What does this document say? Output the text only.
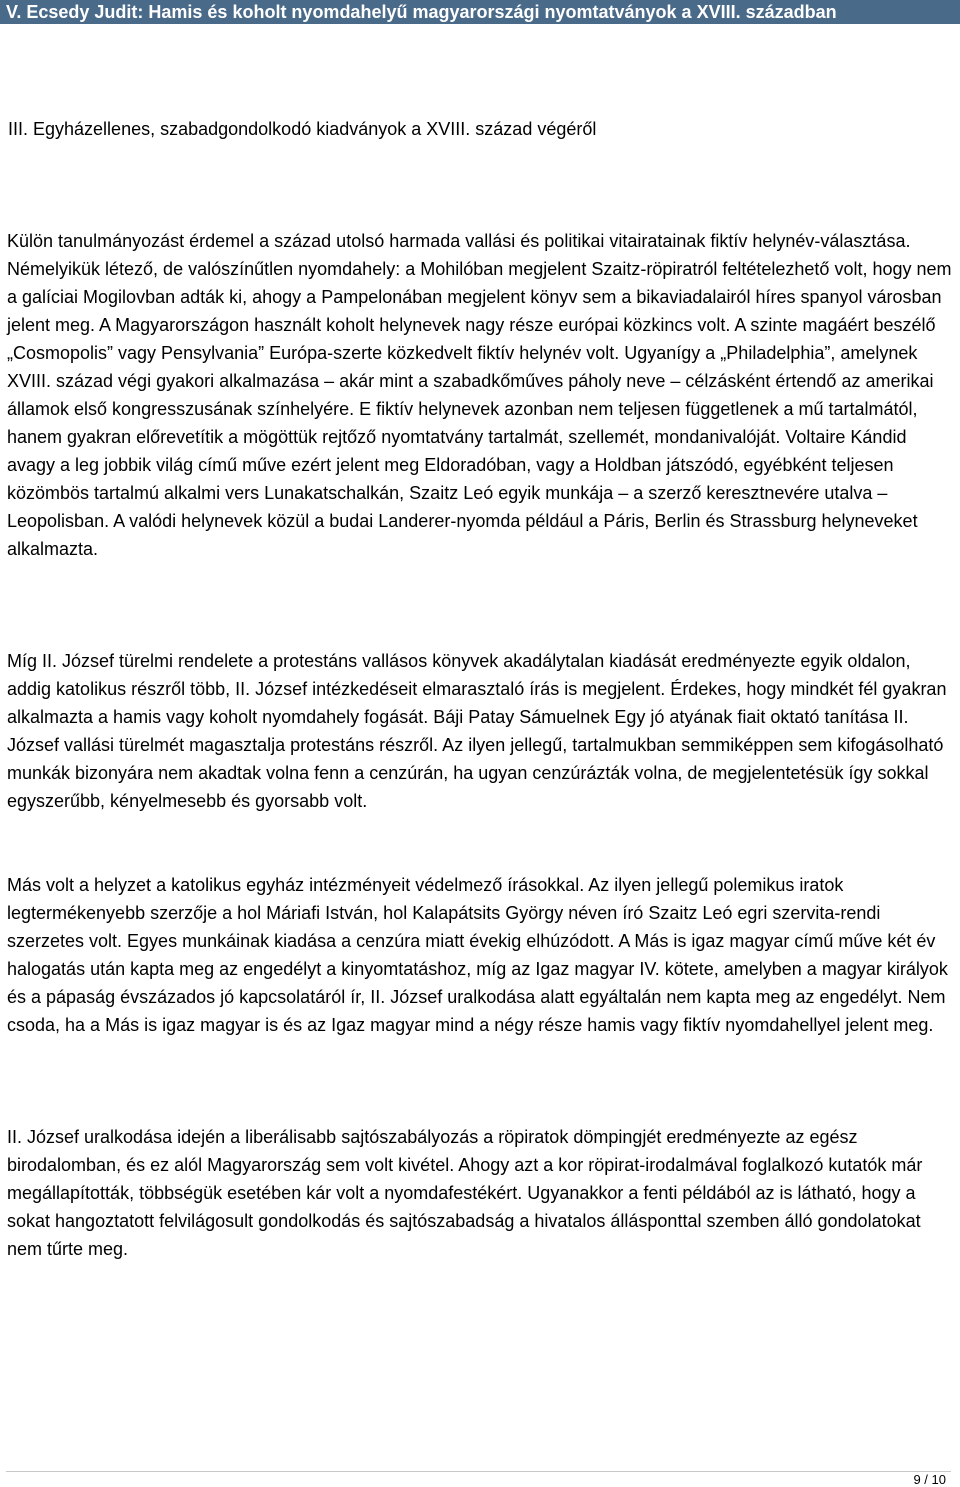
V. Ecsedy Judit: Hamis és koholt nyomdahelyű magyarországi nyomtatványok a XVIII. században
III. Egyházellenes, szabadgondolkodó kiadványok a XVIII. század végéről

Külön tanulmányozást érdemel a század utolsó harmada vallási és politikai vitairatainak fiktív helynév-választása. Némelyikük létező, de valószínűtlen nyomdahely: a Mohilóban megjelent Szaitz-röpiratról feltételezhető volt, hogy nem a galíciai Mogilovban adták ki, ahogy a Pampelonában megjelent könyv sem a bikaviadalairól híres spanyol városban jelent meg. A Magyarországon használt koholt helynevek nagy része európai közkincs volt. A szinte magáért beszélő „Cosmopolis” vagy Pensylvania” Európa-szerte közkedvelt fiktív helynév volt. Ugyanígy a „Philadelphia”, amelynek XVIII. század végi gyakori alkalmazása – akár mint a szabadkőműves páholy neve – célzásként értendő az amerikai államok első kongresszusának színhelyére. E fiktív helynevek azonban nem teljesen függetlenek a mű tartalmától, hanem gyakran előrevetítik a mögöttük rejtőző nyomtatvány tartalmát, szellemét, mondanivalóját. Voltaire Kándid avagy a leg jobbik világ című műve ezért jelent meg Eldoradóban, vagy a Holdban játszódó, egyébként teljesen közömbös tartalmú alkalmi vers Lunakatschalkán, Szaitz Leó egyik munkája – a szerző keresztnevére utalva – Leopolisban. A valódi helynevek közül a budai Landerer-nyomda például a Páris, Berlin és Strassburg helyneveket alkalmazta.

Míg II. József türelmi rendelete a protestáns vallásos könyvek akadálytalan kiadását eredményezte egyik oldalon, addig katolikus részről több, II. József intézkedéseit elmarasztaló írás is megjelent. Érdekes, hogy mindkét fél gyakran alkalmazta a hamis vagy koholt nyomdahely fogását. Báji Patay Sámuelnek Egy jó atyának fiait oktató tanítása II. József vallási türelmét magasztalja protestáns részről. Az ilyen jellegű, tartalmukban semmiképpen sem kifogásolható munkák bizonyára nem akadtak volna fenn a cenzúrán, ha ugyan cenzúrázták volna, de megjelentetésük így sokkal egyszerűbb, kényelmesebb és gyorsabb volt.

Más volt a helyzet a katolikus egyház intézményeit védelmező írásokkal. Az ilyen jellegű polemikus iratok legtermékenyebb szerzője a hol Máriafi István, hol Kalapátsits György néven író Szaitz Leó egri szervita-rendi szerzetes volt. Egyes munkáinak kiadása a cenzúra miatt évekig elhúzódott. A Más is igaz magyar című műve két év halogatás után kapta meg az engedélyt a kinyomtatáshoz, míg az Igaz magyar IV. kötete, amelyben a magyar királyok és a pápaság évszázados jó kapcsolatáról ír, II. József uralkodása alatt egyáltalán nem kapta meg az engedélyt. Nem csoda, ha a Más is igaz magyar is és az Igaz magyar mind a négy része hamis vagy fiktív nyomdahellyel jelent meg.

II. József uralkodása idején a liberálisabb sajtószabályozás a röpiratok dömpingjét eredményezte az egész birodalomban, és ez alól Magyarország sem volt kivétel. Ahogy azt a kor röpirat-irodalmával foglalkozó kutatók már megállapították, többségük esetében kár volt a nyomdafestékért. Ugyanakkor a fenti példából az is látható, hogy a sokat hangoztatott felvilágosult gondolkodás és sajtószabadság a hivatalos állásponttal szemben álló gondolatokat nem tűrte meg.

9 / 10
